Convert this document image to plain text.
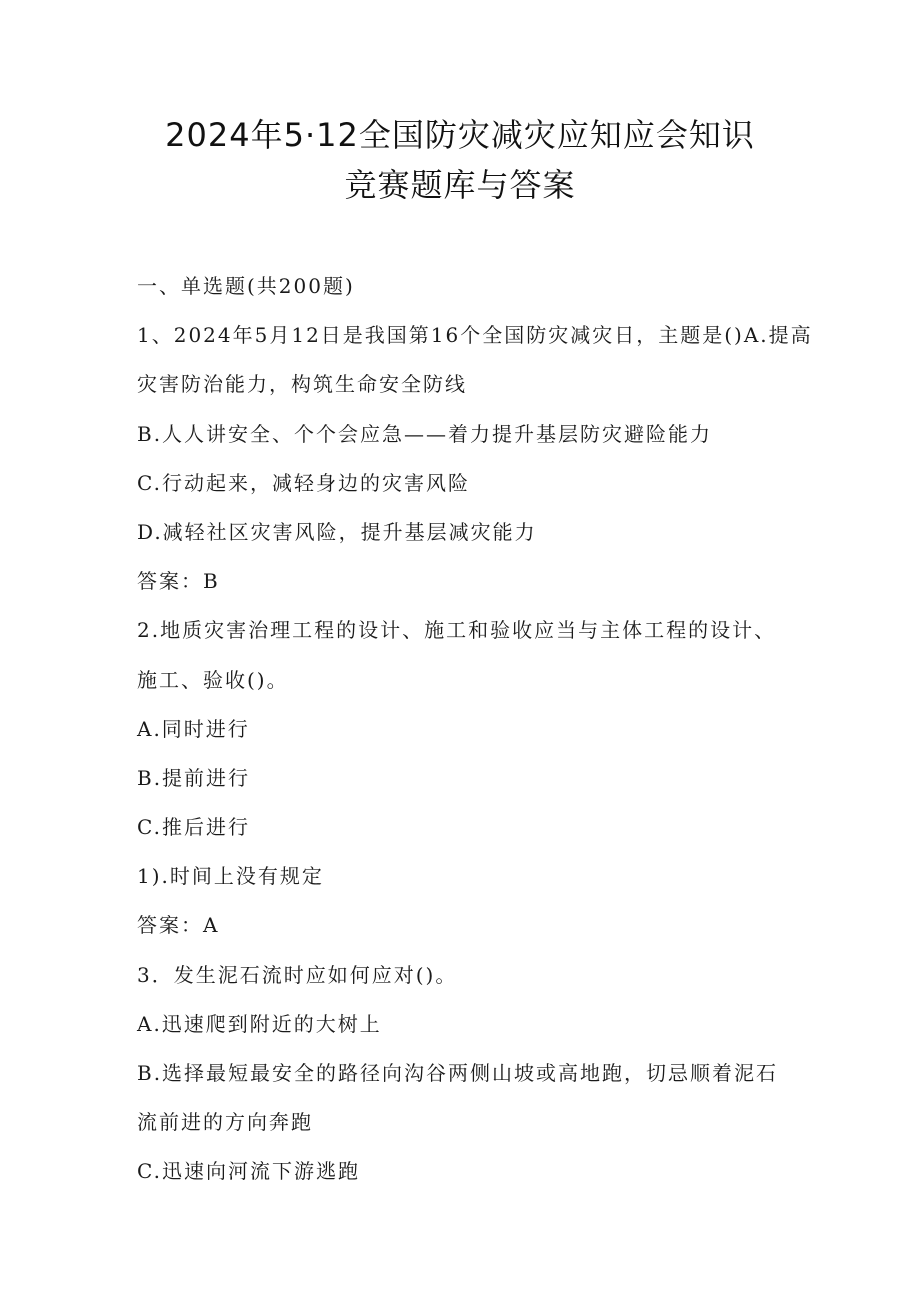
2024年5·12全国防灾减灾应知应会知识
竞赛题库与答案
一、单选题(共200题)
1、2024年5月12日是我国第16个全国防灾减灾日，主题是()A.提高
灾害防治能力，构筑生命安全防线
B.人人讲安全、个个会应急——着力提升基层防灾避险能力
C.行动起来，减轻身边的灾害风险
D.减轻社区灾害风险，提升基层减灾能力
答案：B
2.地质灾害治理工程的设计、施工和验收应当与主体工程的设计、
施工、验收()。
A.同时进行
B.提前进行
C.推后进行
1).时间上没有规定
答案：A
3．发生泥石流时应如何应对()。
A.迅速爬到附近的大树上
B.选择最短最安全的路径向沟谷两侧山坡或高地跑，切忌顺着泥石
流前进的方向奔跑
C.迅速向河流下游逃跑
